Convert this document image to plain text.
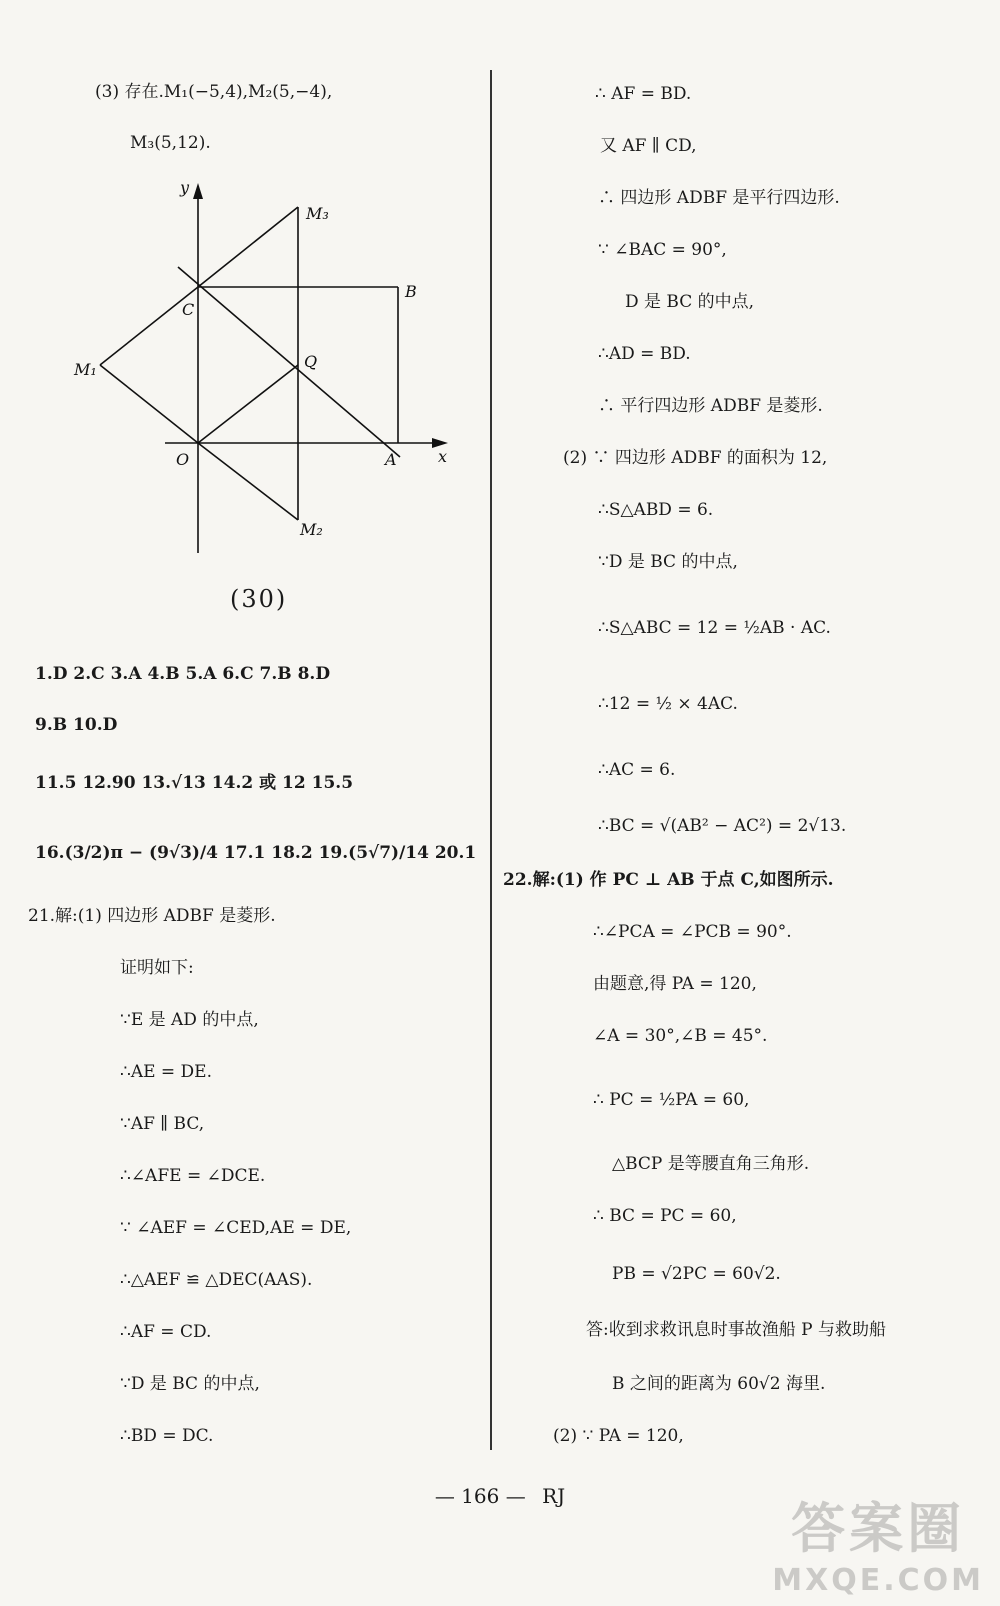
(3) 存在.M₁(−5,4),M₂(5,−4),
M₃(5,12).
y
x
O
C
A
B
Q
M₁
M₂
M₃
(30)
1.D 2.C 3.A 4.B 5.A 6.C 7.B 8.D
9.B 10.D
11.5 12.90 13.√13 14.2 或 12 15.5
16.(3/2)π − (9√3)/4 17.1 18.2 19.(5√7)/14 20.1
21.解:(1) 四边形 ADBF 是菱形.
证明如下:
∵E 是 AD 的中点,
∴AE = DE.
∵AF ∥ BC,
∴∠AFE = ∠DCE.
∵ ∠AEF = ∠CED,AE = DE,
∴△AEF ≌ △DEC(AAS).
∴AF = CD.
∵D 是 BC 的中点,
∴BD = DC.
∴ AF = BD.
又 AF ∥ CD,
∴ 四边形 ADBF 是平行四边形.
∵ ∠BAC = 90°,
D 是 BC 的中点,
∴AD = BD.
∴ 平行四边形 ADBF 是菱形.
(2) ∵ 四边形 ADBF 的面积为 12,
∴S△ABD = 6.
∵D 是 BC 的中点,
∴S△ABC = 12 = ½AB · AC.
∴12 = ½ × 4AC.
∴AC = 6.
∴BC = √(AB² − AC²) = 2√13.
22.解:(1) 作 PC ⊥ AB 于点 C,如图所示.
∴∠PCA = ∠PCB = 90°.
由题意,得 PA = 120,
∠A = 30°,∠B = 45°.
∴ PC = ½PA = 60,
△BCP 是等腰直角三角形.
∴ BC = PC = 60,
PB = √2PC = 60√2.
答:收到求救讯息时事故渔船 P 与救助船
B 之间的距离为 60√2 海里.
(2) ∵ PA = 120,
— 166 — RJ
答案圈
MXQE.COM
